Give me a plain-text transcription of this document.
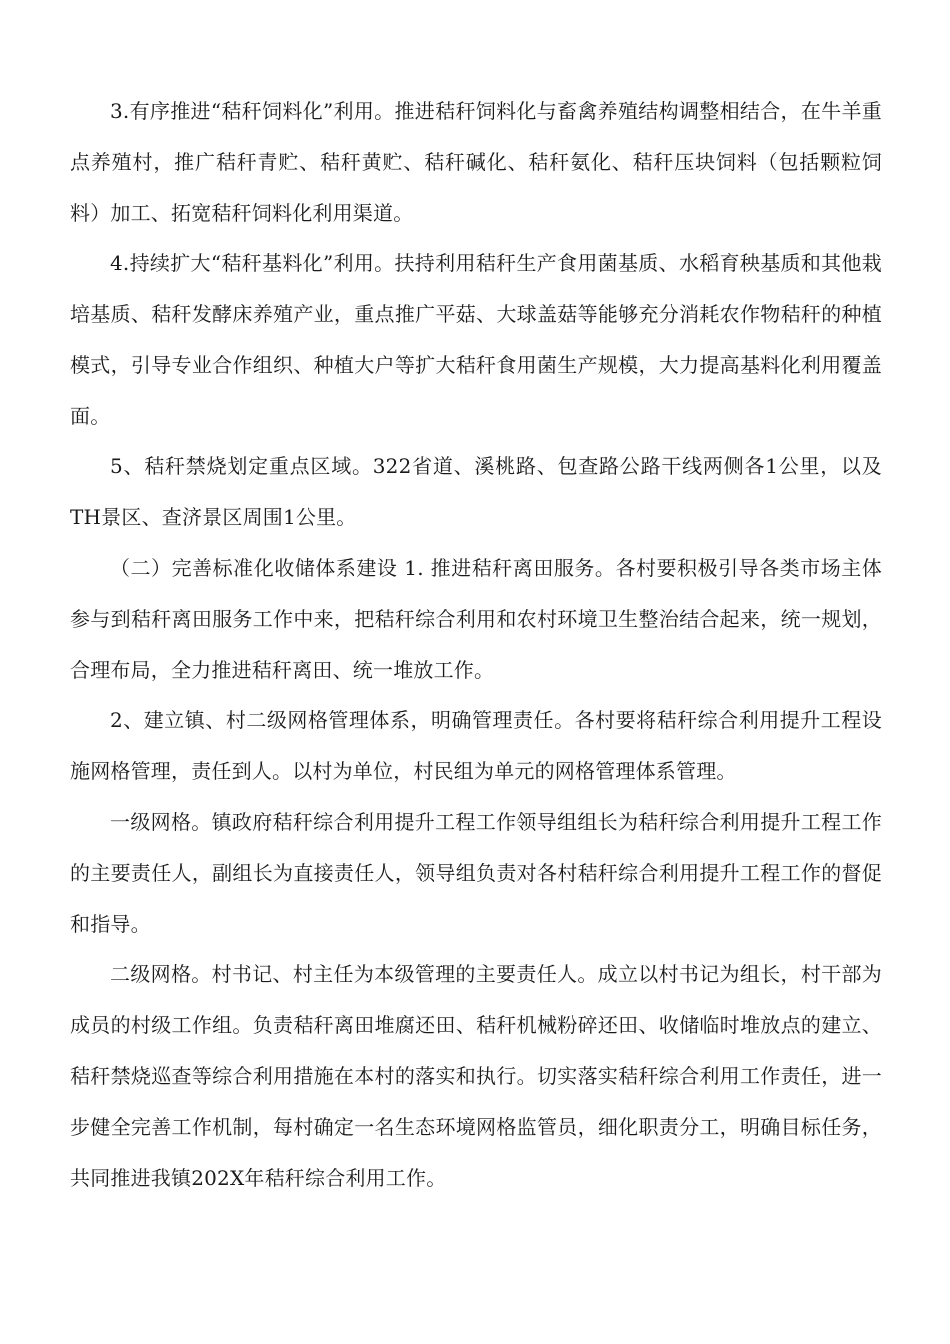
3.有序推进“秸秆饲料化”利用。推进秸秆饲料化与畜禽养殖结构调整相结合，在牛羊重点养殖村，推广秸秆青贮、秸秆黄贮、秸秆碱化、秸秆氨化、秸秆压块饲料（包括颗粒饲料）加工、拓宽秸秆饲料化利用渠道。

4.持续扩大“秸秆基料化”利用。扶持利用秸秆生产食用菌基质、水稻育秧基质和其他栽培基质、秸秆发酵床养殖产业，重点推广平菇、大球盖菇等能够充分消耗农作物秸秆的种植模式，引导专业合作组织、种植大户等扩大秸秆食用菌生产规模，大力提高基料化利用覆盖面。

5、秸秆禁烧划定重点区域。322省道、溪桃路、包查路公路干线两侧各1公里，以及TH景区、查济景区周围1公里。

（二）完善标准化收储体系建设 1. 推进秸秆离田服务。各村要积极引导各类市场主体参与到秸秆离田服务工作中来，把秸秆综合利用和农村环境卫生整治结合起来，统一规划，合理布局，全力推进秸秆离田、统一堆放工作。

2、建立镇、村二级网格管理体系，明确管理责任。各村要将秸秆综合利用提升工程设施网格管理，责任到人。以村为单位，村民组为单元的网格管理体系管理。

一级网格。镇政府秸秆综合利用提升工程工作领导组组长为秸秆综合利用提升工程工作的主要责任人，副组长为直接责任人，领导组负责对各村秸秆综合利用提升工程工作的督促和指导。

二级网格。村书记、村主任为本级管理的主要责任人。成立以村书记为组长，村干部为成员的村级工作组。负责秸秆离田堆腐还田、秸秆机械粉碎还田、收储临时堆放点的建立、秸秆禁烧巡查等综合利用措施在本村的落实和执行。切实落实秸秆综合利用工作责任，进一步健全完善工作机制，每村确定一名生态环境网格监管员，细化职责分工，明确目标任务，共同推进我镇202X年秸秆综合利用工作。
